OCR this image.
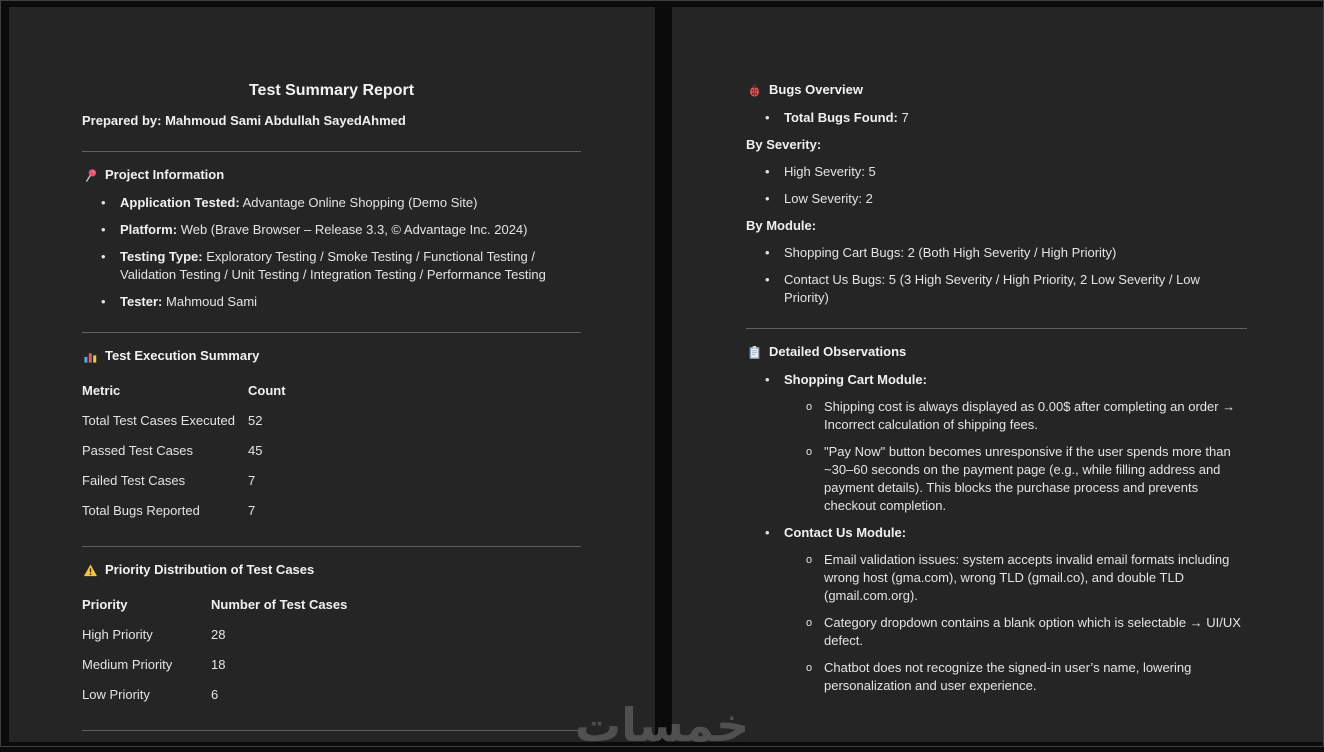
Test Summary Report

Prepared by: Mahmoud Sami Abdullah SayedAhmed

Project Information
•	Application Tested: Advantage Online Shopping (Demo Site)
•	Platform: Web (Brave Browser – Release 3.3, © Advantage Inc. 2024)
•	Testing Type: Exploratory Testing / Smoke Testing / Functional Testing / Validation Testing / Unit Testing / Integration Testing / Performance Testing
•	Tester: Mahmoud Sami
Test Execution Summary
Metric	Count
Total Test Cases Executed	52
Passed Test Cases	45
Failed Test Cases	7
Total Bugs Reported	7
Priority Distribution of Test Cases
Priority	Number of Test Cases
High Priority	28
Medium Priority	18
Low Priority	6
Bugs Overview
•	Total Bugs Found: 7
By Severity:
•	High Severity: 5
•	Low Severity: 2
By Module:
•	Shopping Cart Bugs: 2 (Both High Severity / High Priority)
•	Contact Us Bugs: 5 (3 High Severity / High Priority, 2 Low Severity / Low Priority)
Detailed Observations
•	Shopping Cart Module:
o Shipping cost is always displayed as 0.00$ after completing an order → Incorrect calculation of shipping fees.
o "Pay Now" button becomes unresponsive if the user spends more than ~30–60 seconds on the payment page (e.g., while filling address and payment details). This blocks the purchase process and prevents checkout completion.
•	Contact Us Module:
o Email validation issues: system accepts invalid email formats including wrong host (gma.com), wrong TLD (gmail.co), and double TLD (gmail.com.org).
o Category dropdown contains a blank option which is selectable → UI/UX defect.
o Chatbot does not recognize the signed-in user’s name, lowering personalization and user experience.
خمسات
